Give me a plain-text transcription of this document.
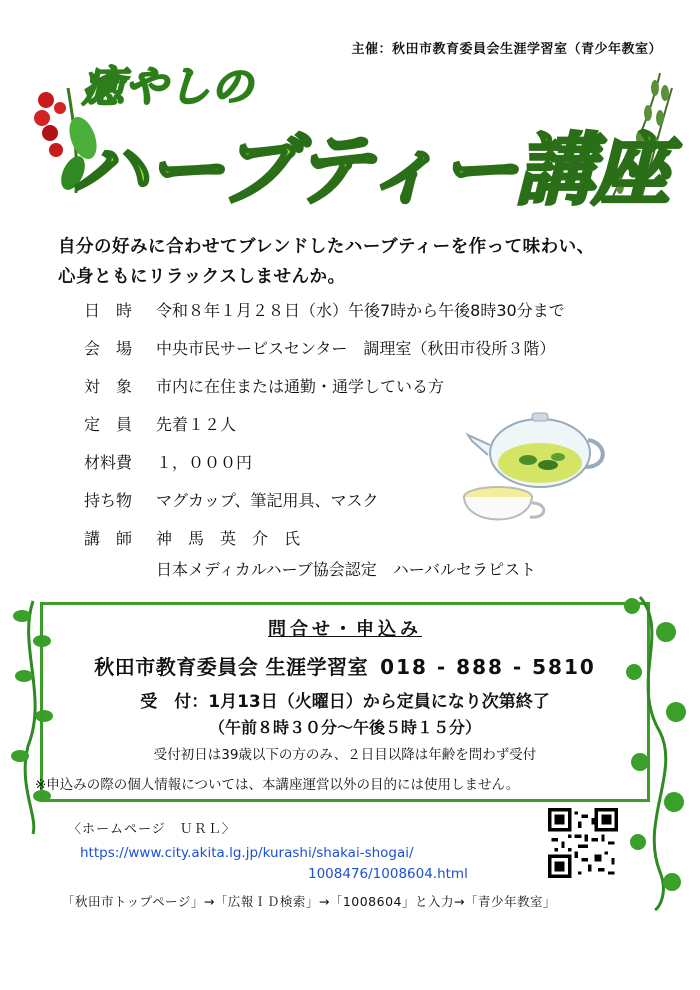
主催：秋田市教育委員会生涯学習室（青少年教室）
癒やしの
ハーブティー講座
自分の好みに合わせてブレンドしたハーブティーを作って味わい、
心身ともにリラックスしませんか。
日　時	令和８年１月２８日（水）午後7時から午後8時30分まで
会　場	中央市民サービスセンター　調理室（秋田市役所３階）
対　象	市内に在住または通勤・通学している方
定　員	先着１２人
材料費	１，０００円
持ち物	マグカップ、筆記用具、マスク
講　師	神　馬　英　介　氏
日本メディカルハーブ協会認定　ハーバルセラピスト
問合せ・申込み
秋田市教育委員会 生涯学習室 018 - 888 - 5810
受　付：1月13日（火曜日）から定員になり次第終了
（午前８時３０分～午後５時１５分）
受付初日は39歳以下の方のみ、２日目以降は年齢を問わず受付
※申込みの際の個人情報については、本講座運営以外の目的には使用しません。
〈ホームページ　ＵＲＬ〉
https://www.city.akita.lg.jp/kurashi/shakai-shogai/
1008476/1008604.html
「秋田市トップページ」→「広報ＩＤ検索」→「1008604」と入力→「青少年教室」
